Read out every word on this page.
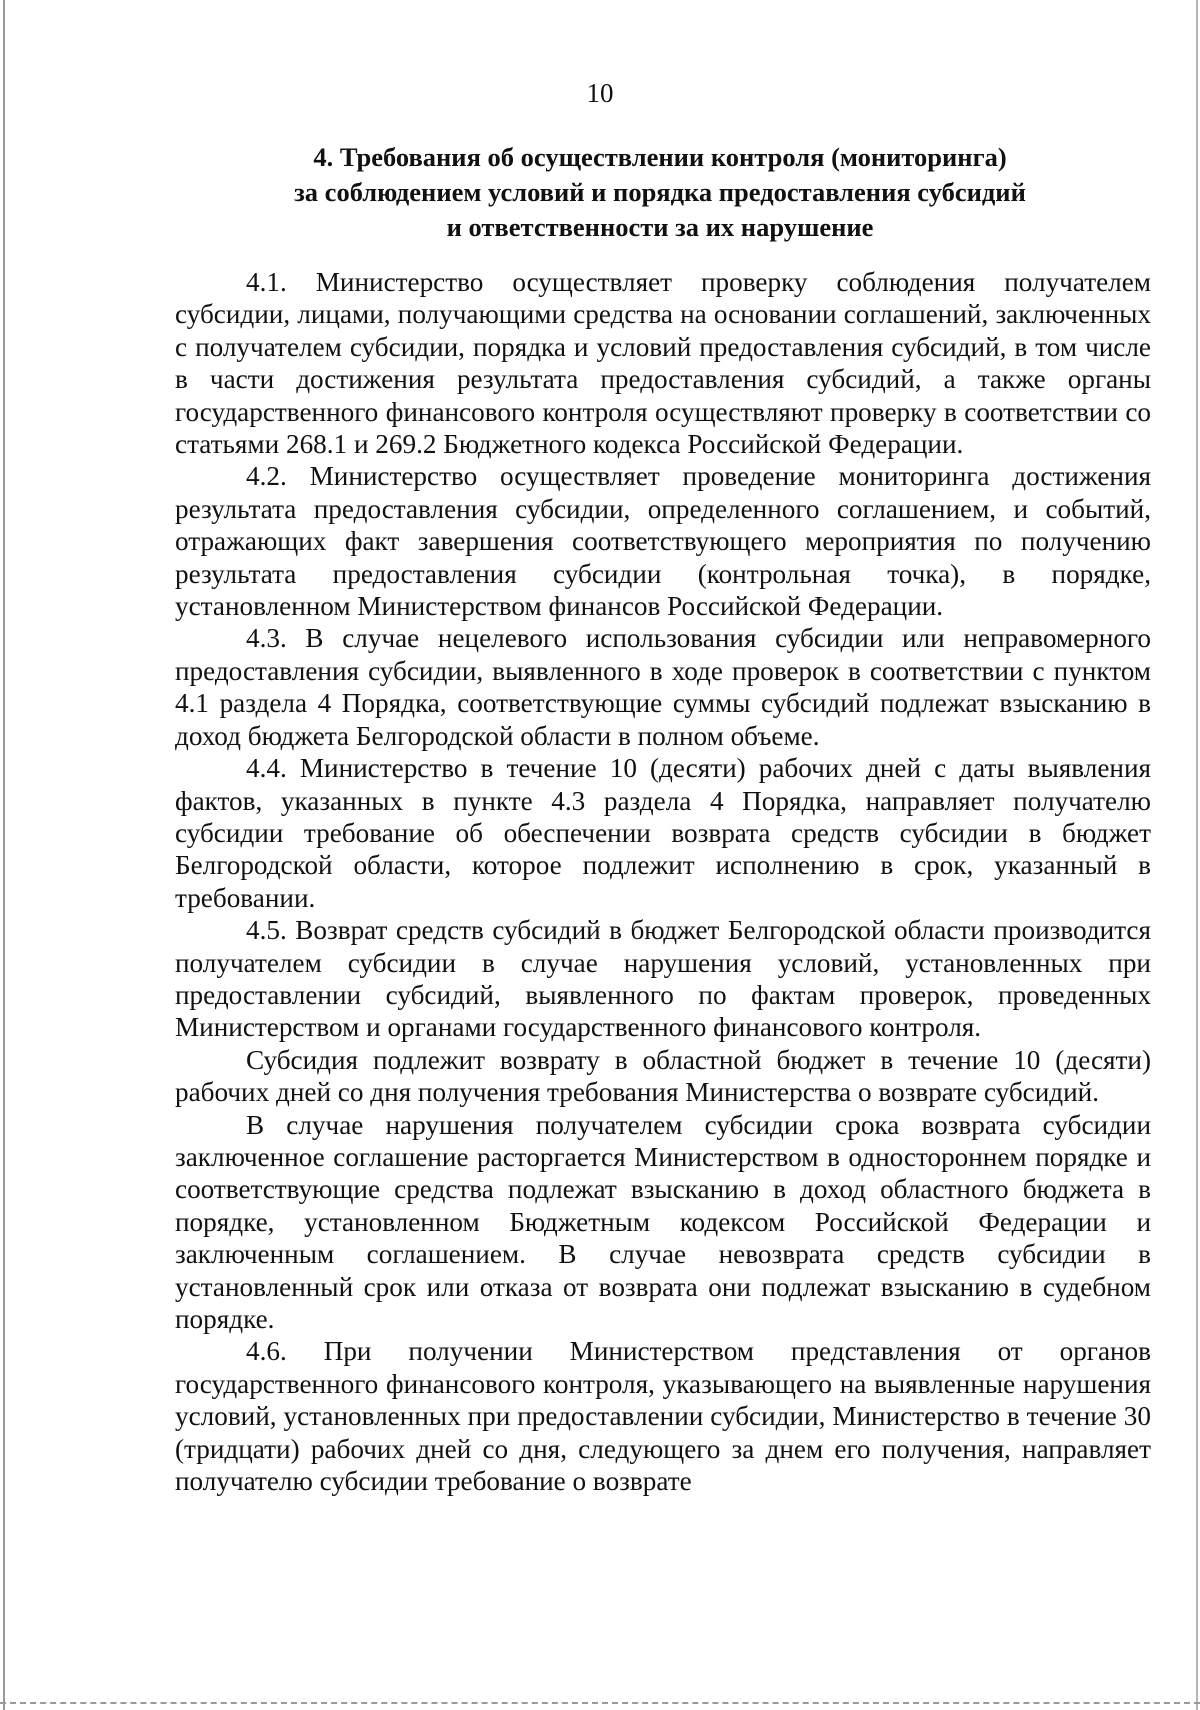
10
4. Требования об осуществлении контроля (мониторинга)
за соблюдением условий и порядка предоставления субсидий
и ответственности за их нарушение

4.1. Министерство осуществляет проверку соблюдения получателем субсидии, лицами, получающими средства на основании соглашений, заключенных с получателем субсидии, порядка и условий предоставления субсидий, в том числе в части достижения результата предоставления субсидий, а также органы государственного финансового контроля осуществляют проверку в соответствии со статьями 268.1 и 269.2 Бюджетного кодекса Российской Федерации.

4.2. Министерство осуществляет проведение мониторинга достижения результата предоставления субсидии, определенного соглашением, и событий, отражающих факт завершения соответствующего мероприятия по получению результата предоставления субсидии (контрольная точка), в порядке, установленном Министерством финансов Российской Федерации.

4.3. В случае нецелевого использования субсидии или неправомерного предоставления субсидии, выявленного в ходе проверок в соответствии с пунктом 4.1 раздела 4 Порядка, соответствующие суммы субсидий подлежат взысканию в доход бюджета Белгородской области в полном объеме.

4.4. Министерство в течение 10 (десяти) рабочих дней с даты выявления фактов, указанных в пункте 4.3 раздела 4 Порядка, направляет получателю субсидии требование об обеспечении возврата средств субсидии в бюджет Белгородской области, которое подлежит исполнению в срок, указанный в требовании.

4.5. Возврат средств субсидий в бюджет Белгородской области производится получателем субсидии в случае нарушения условий, установленных при предоставлении субсидий, выявленного по фактам проверок, проведенных Министерством и органами государственного финансового контроля.

Субсидия подлежит возврату в областной бюджет в течение 10 (десяти) рабочих дней со дня получения требования Министерства о возврате субсидий.

В случае нарушения получателем субсидии срока возврата субсидии заключенное соглашение расторгается Министерством в одностороннем порядке и соответствующие средства подлежат взысканию в доход областного бюджета в порядке, установленном Бюджетным кодексом Российской Федерации и заключенным соглашением. В случае невозврата средств субсидии в установленный срок или отказа от возврата они подлежат взысканию в судебном порядке.

4.6. При получении Министерством представления от органов государственного финансового контроля, указывающего на выявленные нарушения условий, установленных при предоставлении субсидии, Министерство в течение 30 (тридцати) рабочих дней со дня, следующего за днем его получения, направляет получателю субсидии требование о возврате
